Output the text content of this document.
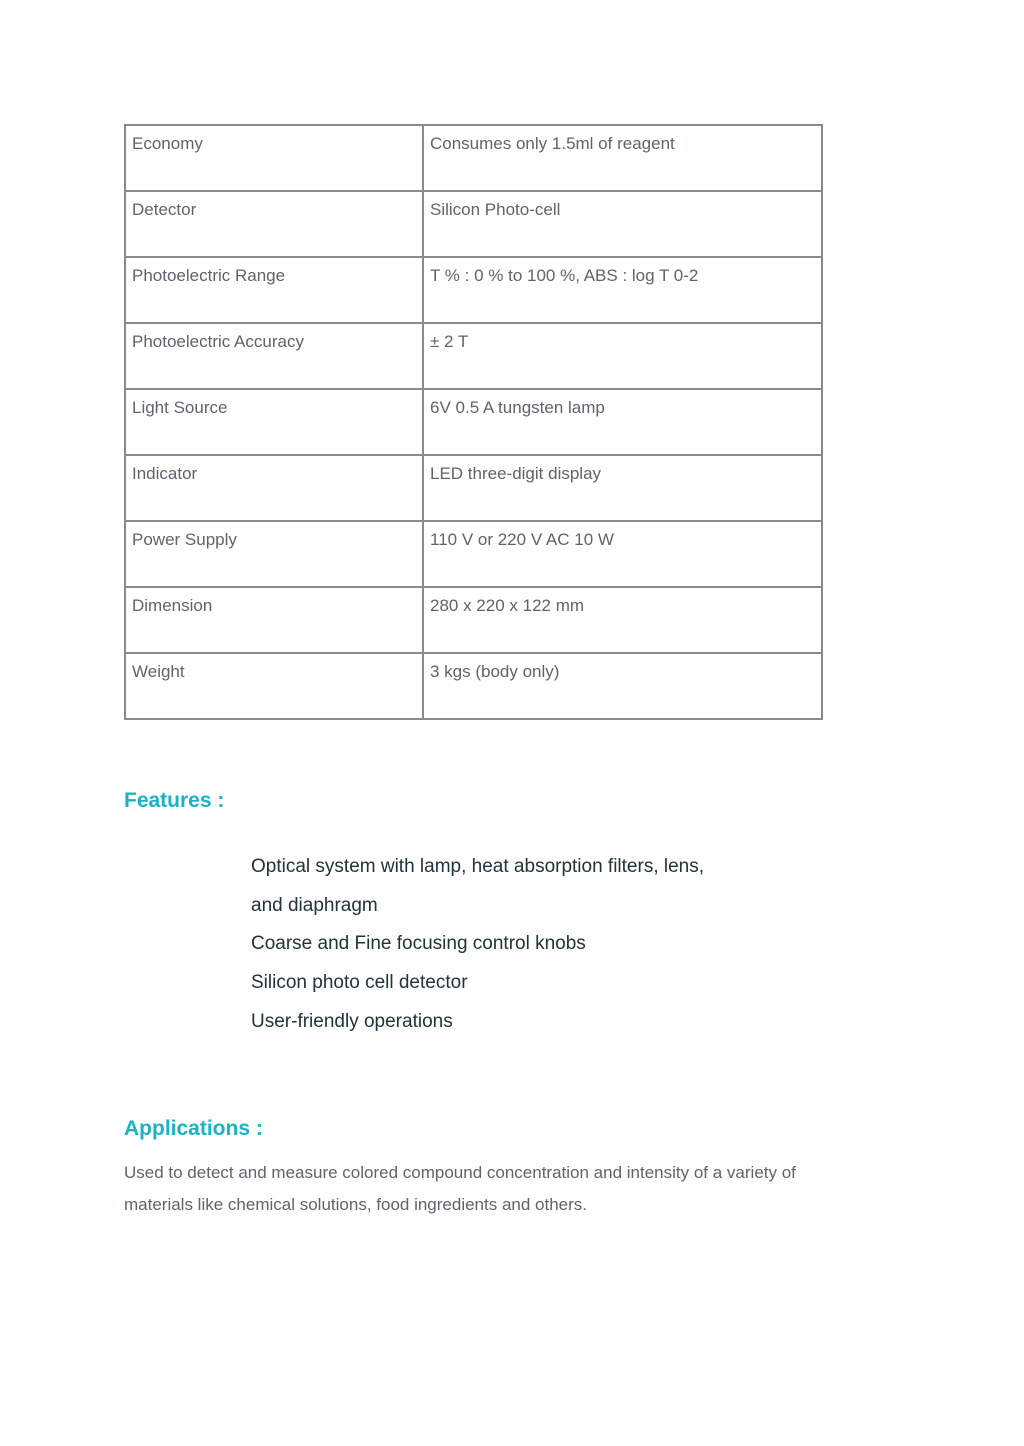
Economy	Consumes only 1.5ml of reagent
Detector	Silicon Photo-cell
Photoelectric Range	T % : 0 % to 100 %, ABS : log T 0-2
Photoelectric Accuracy	± 2 T
Light Source	6V 0.5 A tungsten lamp
Indicator	LED three-digit display
Power Supply	110 V or 220 V AC 10 W
Dimension	280 x 220 x 122 mm
Weight	3 kgs (body only)
Features :
Optical system with lamp, heat absorption filters, lens,
and diaphragm
Coarse and Fine focusing control knobs
Silicon photo cell detector
User-friendly operations
Applications :

Used to detect and measure colored compound concentration and intensity of a variety of materials like chemical solutions, food ingredients and others.
